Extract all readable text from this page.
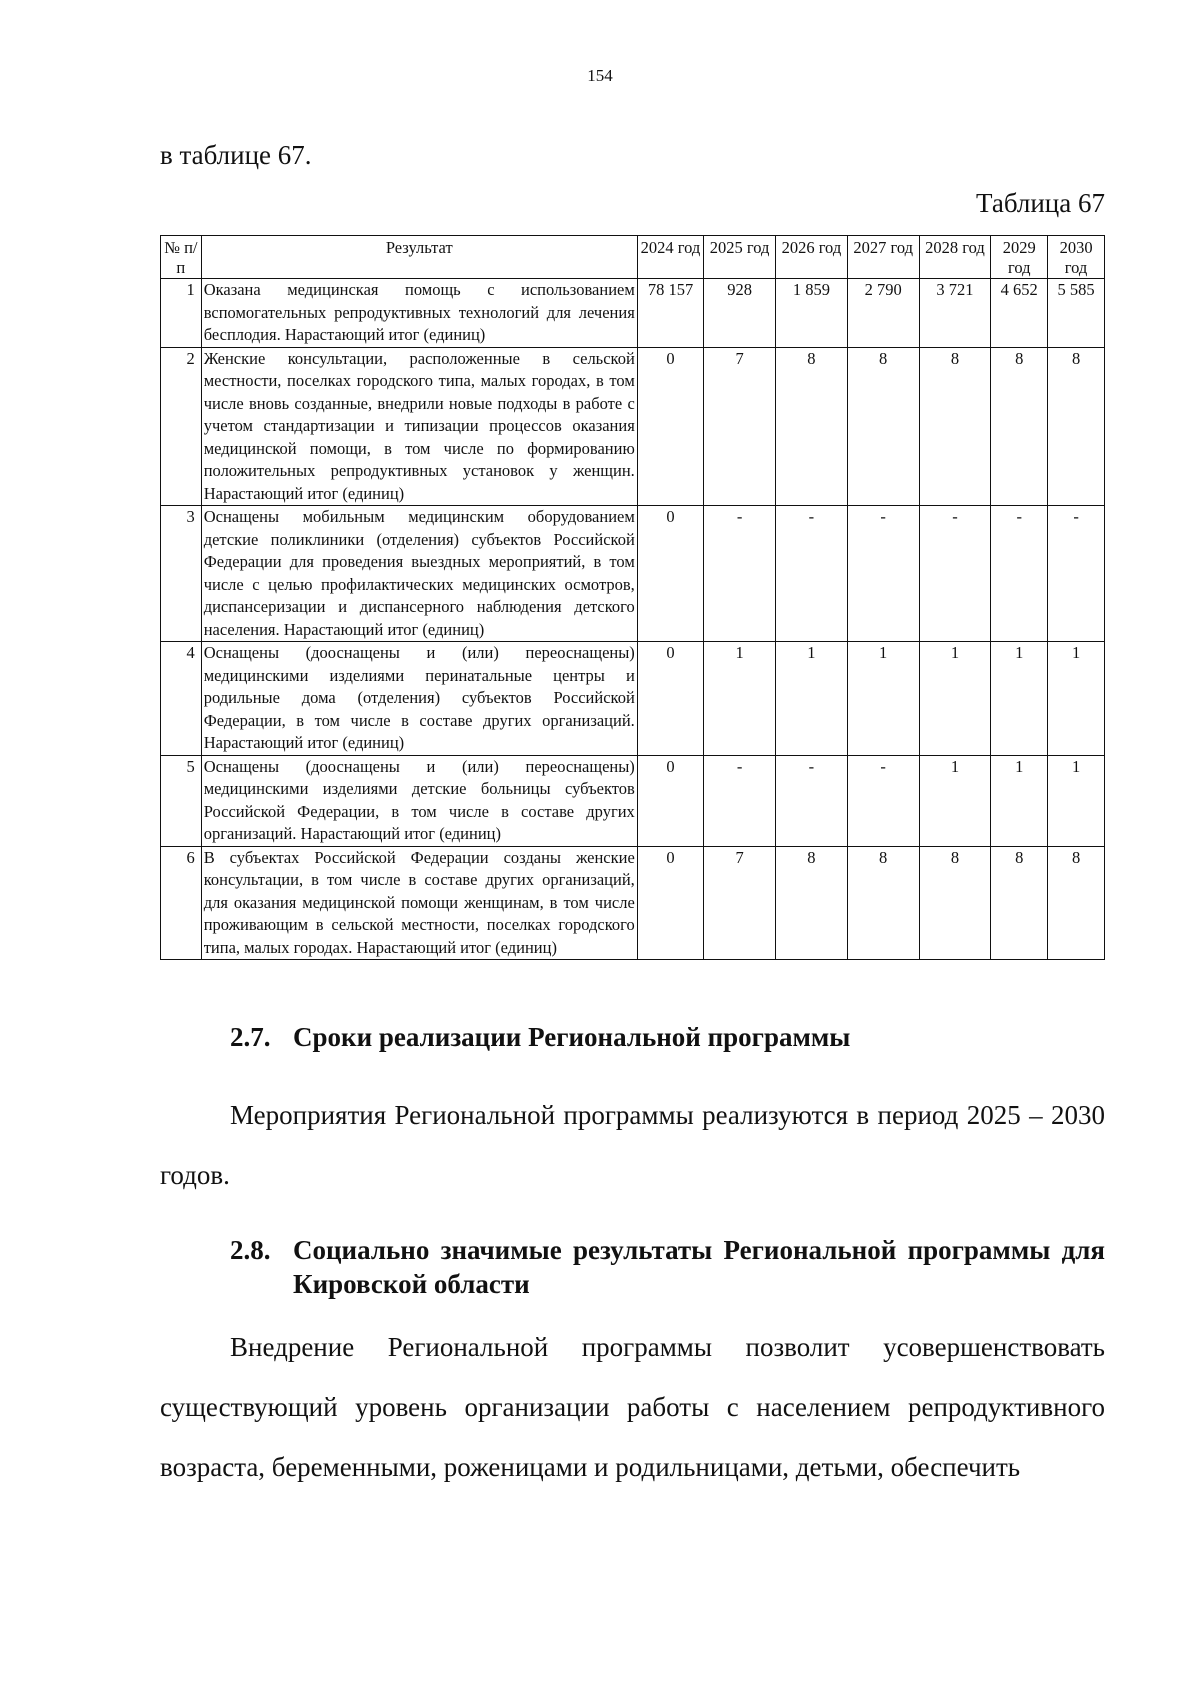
154
в таблице 67.
Таблица 67
№ п/п	Результат	2024 год	2025 год	2026 год	2027 год	2028 год	2029 год	2030 год
1	Оказана медицинская помощь с использованием вспомогательных репродуктивных технологий для лечения бесплодия. Нарастающий итог (единиц)	78 157	928	1 859	2 790	3 721	4 652	5 585
2	Женские консультации, расположенные в сельской местности, поселках городского типа, малых городах, в том числе вновь созданные, внедрили новые подходы в работе с учетом стандартизации и типизации процессов оказания медицинской помощи, в том числе по формированию положительных репродуктивных установок у женщин. Нарастающий итог (единиц)	0	7	8	8	8	8	8
3	Оснащены мобильным медицинским оборудованием детские поликлиники (отделения) субъектов Российской Федерации для проведения выездных мероприятий, в том числе с целью профилактических медицинских осмотров, диспансеризации и диспансерного наблюдения детского населения. Нарастающий итог (единиц)	0	-	-	-	-	-	-
4	Оснащены (дооснащены и (или) переоснащены) медицинскими изделиями перинатальные центры и родильные дома (отделения) субъектов Российской Федерации, в том числе в составе других организаций. Нарастающий итог (единиц)	0	1	1	1	1	1	1
5	Оснащены (дооснащены и (или) переоснащены) медицинскими изделиями детские больницы субъектов Российской Федерации, в том числе в составе других организаций. Нарастающий итог (единиц)	0	-	-	-	1	1	1
6	В субъектах Российской Федерации созданы женские консультации, в том числе в составе других организаций, для оказания медицинской помощи женщинам, в том числе проживающим в сельской местности, поселках городского типа, малых городах. Нарастающий итог (единиц)	0	7	8	8	8	8	8
2.7. Сроки реализации Региональной программы
Мероприятия Региональной программы реализуются в период 2025 – 2030 годов.
2.8. Социально значимые результаты Региональной программы для Кировской области
Внедрение Региональной программы позволит усовершенствовать существующий уровень организации работы с населением репродуктивного возраста, беременными, роженицами и родильницами, детьми, обеспечить
